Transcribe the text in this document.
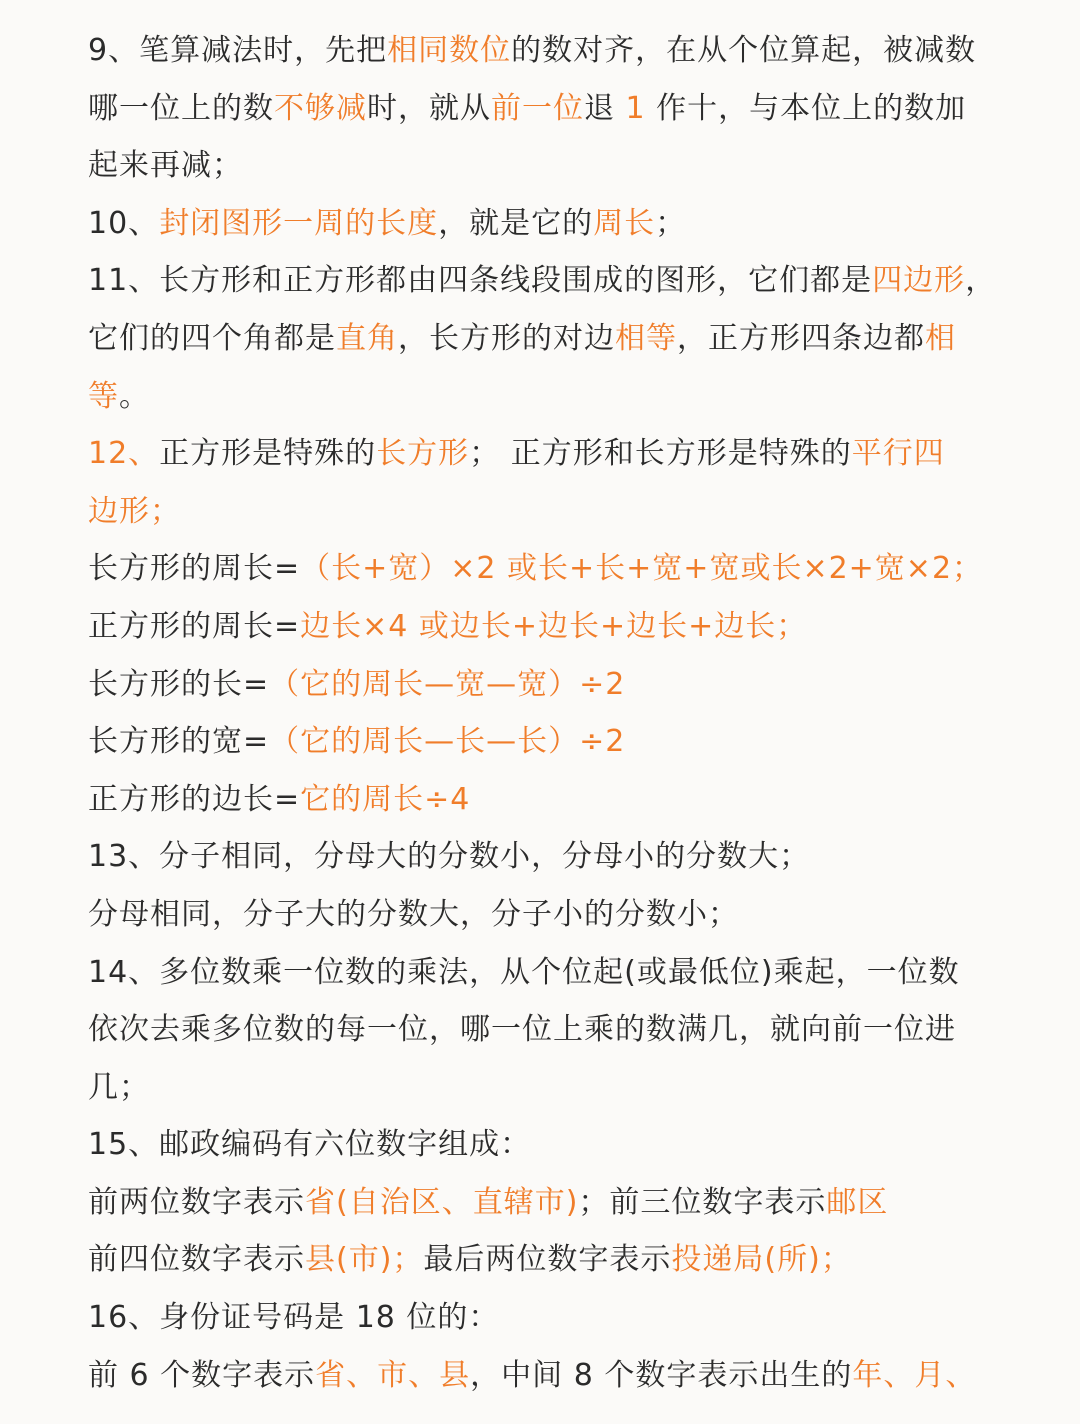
9、笔算减法时，先把相同数位的数对齐，在从个位算起，被减数
哪一位上的数不够减时，就从前一位退 1 作十，与本位上的数加
起来再减；
10、封闭图形一周的长度，就是它的周长；
11、长方形和正方形都由四条线段围成的图形，它们都是四边形，
它们的四个角都是直角，长方形的对边相等，正方形四条边都相
等。
12、正方形是特殊的长方形； 正方形和长方形是特殊的平行四
边形；
长方形的周长=（长+宽）×2 或长+长+宽+宽或长×2+宽×2；
正方形的周长=边长×4 或边长+边长+边长+边长；
长方形的长=（它的周长—宽—宽）÷2
长方形的宽=（它的周长—长—长）÷2
正方形的边长=它的周长÷4
13、分子相同，分母大的分数小，分母小的分数大；
分母相同，分子大的分数大，分子小的分数小；
14、多位数乘一位数的乘法，从个位起(或最低位)乘起，一位数
依次去乘多位数的每一位，哪一位上乘的数满几，就向前一位进
几；
15、邮政编码有六位数字组成：
前两位数字表示省(自治区、直辖市)；前三位数字表示邮区
前四位数字表示县(市)；最后两位数字表示投递局(所)；
16、身份证号码是 18 位的：
前 6 个数字表示省、市、县，中间 8 个数字表示出生的年、月、
